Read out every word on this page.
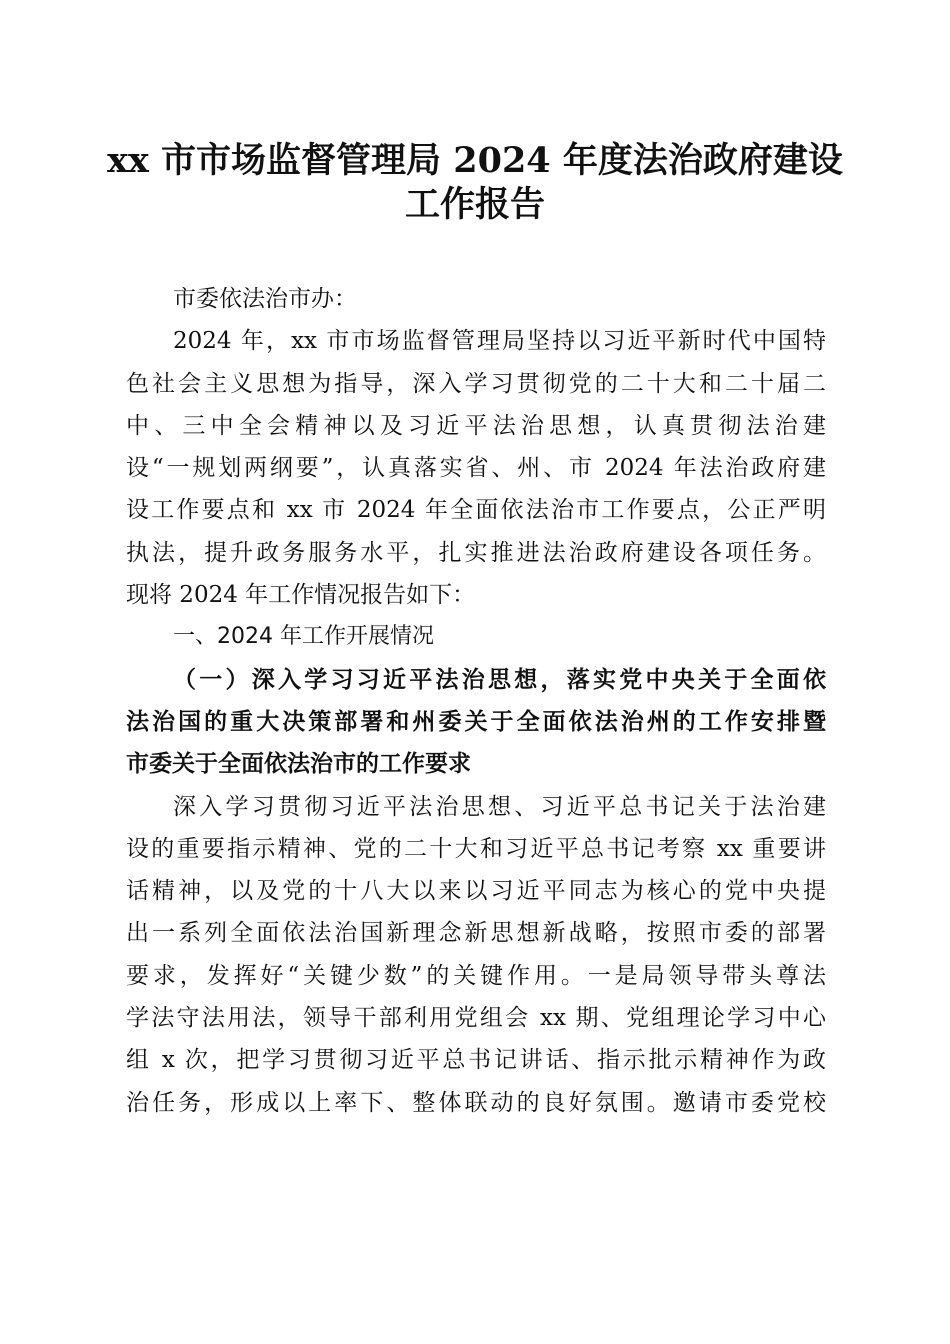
xx 市市场监督管理局 2024 年度法治政府建设
工作报告
市委依法治市办：
2024 年，xx 市市场监督管理局坚持以习近平新时代中国特
色社会主义思想为指导，深入学习贯彻党的二十大和二十届二
中、三中全会精神以及习近平法治思想，认真贯彻法治建
设“一规划两纲要”，认真落实省、州、市 2024 年法治政府建
设工作要点和 xx 市 2024 年全面依法治市工作要点，公正严明
执法，提升政务服务水平，扎实推进法治政府建设各项任务。
现将 2024 年工作情况报告如下：
一、2024 年工作开展情况
（一）深入学习习近平法治思想，落实党中央关于全面依
法治国的重大决策部署和州委关于全面依法治州的工作安排暨
市委关于全面依法治市的工作要求
深入学习贯彻习近平法治思想、习近平总书记关于法治建
设的重要指示精神、党的二十大和习近平总书记考察 xx 重要讲
话精神，以及党的十八大以来以习近平同志为核心的党中央提
出一系列全面依法治国新理念新思想新战略，按照市委的部署
要求，发挥好“关键少数”的关键作用。一是局领导带头尊法
学法守法用法，领导干部利用党组会 xx 期、党组理论学习中心
组 x 次，把学习贯彻习近平总书记讲话、指示批示精神作为政
治任务，形成以上率下、整体联动的良好氛围。邀请市委党校
